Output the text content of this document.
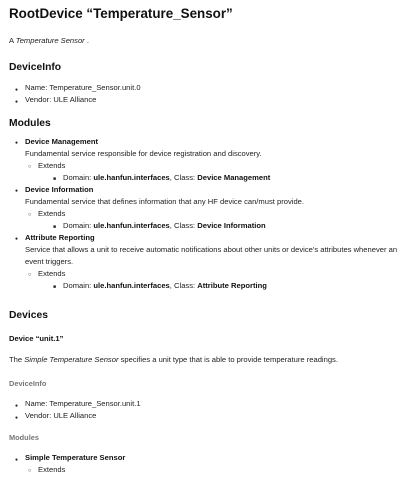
RootDevice “Temperature_Sensor”

A Temperature Sensor .

DeviceInfo
● Name: Temperature_Sensor.unit.0
● Vendor: ULE Alliance
Modules
● Device Management
Fundamental service responsible for device registration and discovery.
○ Extends
■ Domain: ule.hanfun.interfaces, Class: Device Management
● Device Information
Fundamental service that defines information that any HF device can/must provide.
○ Extends
■ Domain: ule.hanfun.interfaces, Class: Device Information
● Attribute Reporting
Service that allows a unit to receive automatic notifications about other units or device's attributes whenever an event triggers.
○ Extends
■ Domain: ule.hanfun.interfaces, Class: Attribute Reporting
Devices
Device “unit.1”

The Simple Temperature Sensor specifies a unit type that is able to provide temperature readings.

DeviceInfo
● Name: Temperature_Sensor.unit.1
● Vendor: ULE Alliance
Modules
● Simple Temperature Sensor
○ Extends
